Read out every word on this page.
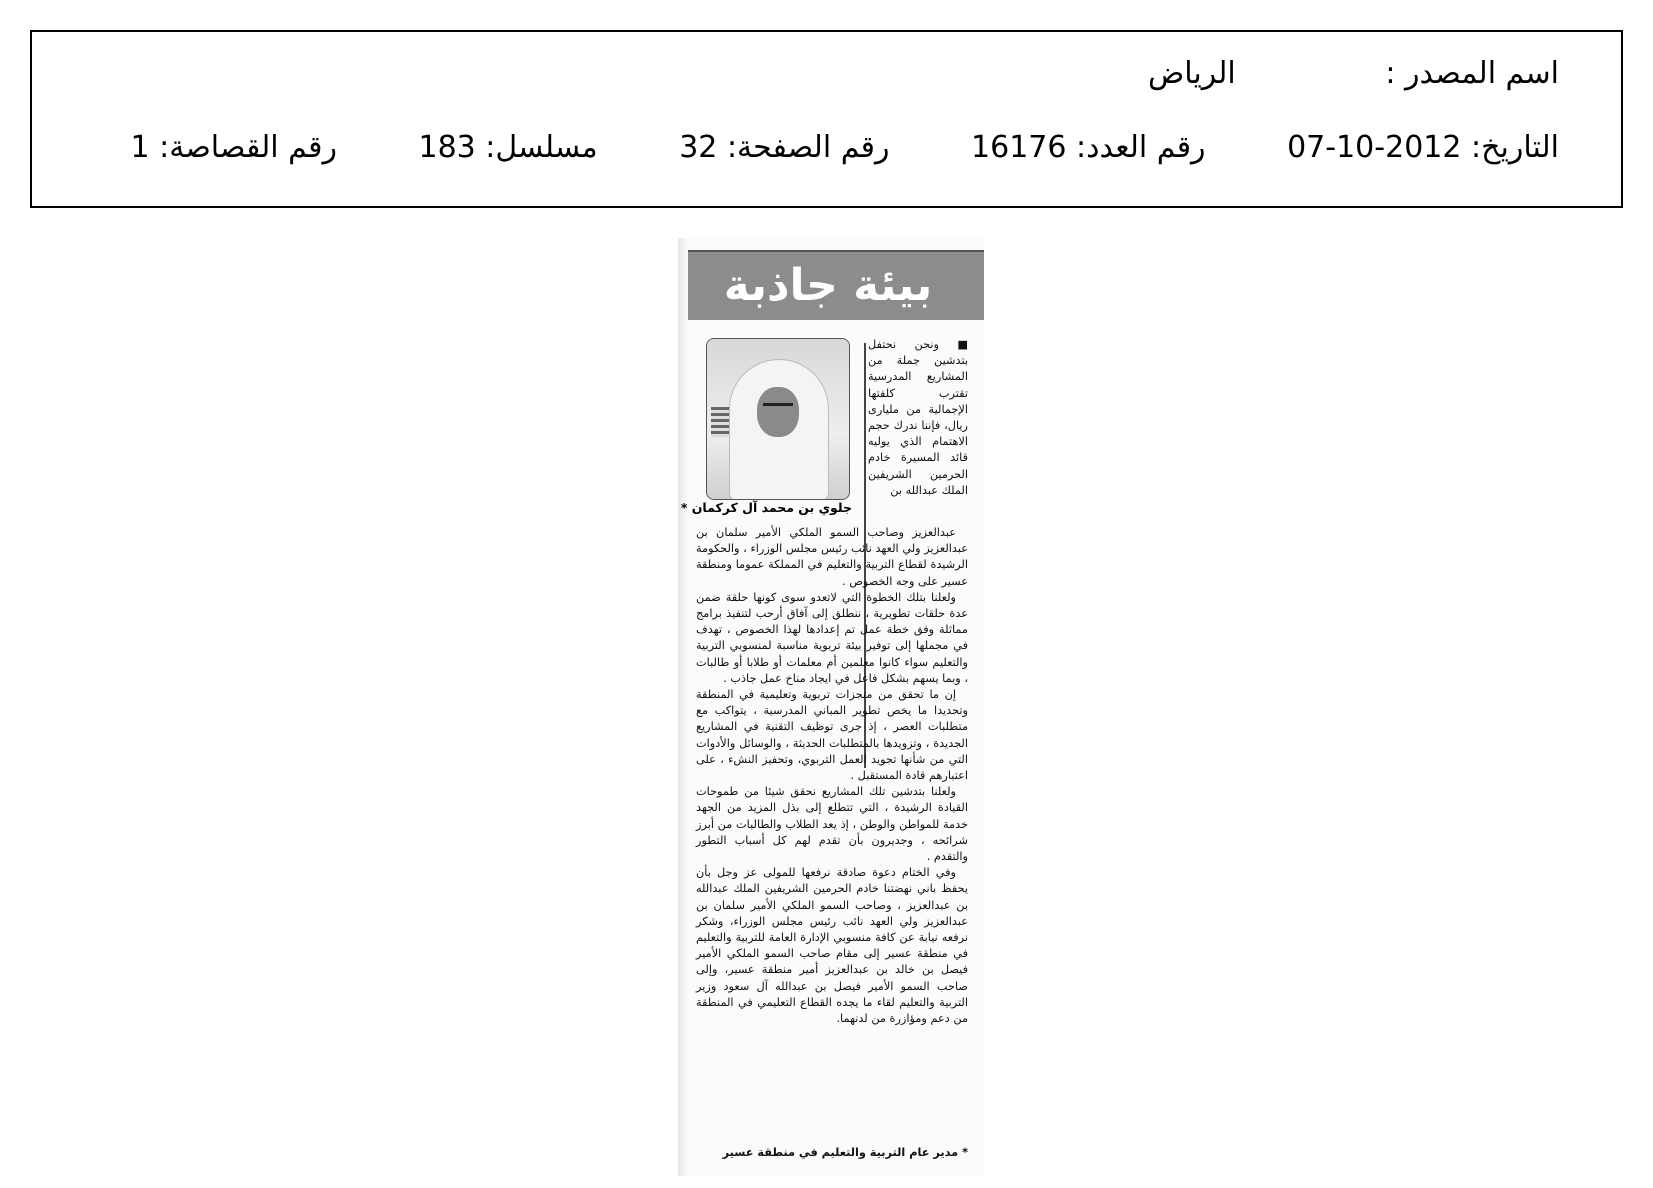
اسم المصدر : الرياض
التاريخ: 2012-10-07 رقم العدد: 16176 رقم الصفحة: 32 مسلسل: 183 رقم القصاصة: 1
بيئة جاذبة
جلوي بن محمد آل كركمان *
■ ونحن نحتفل بتدشين جملة من المشاريع المدرسية تقترب كلفتها الإجمالية من مليارى ريال، فإننا ندرك حجم الاهتمام الذي يوليه قائد المسيرة خادم الحرمين الشريفين الملك عبدالله بن

عبدالعزيز وصاحب السمو الملكي الأمير سلمان بن عبدالعزيز ولي العهد نائب رئيس مجلس الوزراء ، والحكومة الرشيدة لقطاع التربية والتعليم في المملكة عموما ومنطقة عسير على وجه الخصوص .

ولعلنا بتلك الخطوة التي لاتعدو سوى كونها حلقة ضمن عدة حلقات تطويرية ، ننطلق إلى آفاق أرحب لتنفيذ برامج مماثلة وفق خطة عمل تم إعدادها لهذا الخصوص ، تهدف في مجملها إلى توفير بيئة تربوية مناسبة لمنسوبي التربية والتعليم سواء كانوا معلمين أم معلمات أو طلابا أو طالبات ، وبما يسهم بشكل فاعل في ايجاد مناخ عمل جاذب .

إن ما تحقق من منجزات تربوية وتعليمية في المنطقة وتحديدا ما يخص تطوير المباني المدرسية ، يتواكب مع متطلبات العصر ، إذ جرى توظيف التقنية في المشاريع الجديدة ، وتزويدها بالمتطلبات الحديثة ، والوسائل والأدوات التي من شأنها تجويد العمل التربوي، وتحفيز النشء ، على اعتبارهم قادة المستقبل .

ولعلنا بتدشين تلك المشاريع نحقق شيئا من طموحات القيادة الرشيدة ، التي تتطلع إلى بذل المزيد من الجهد خدمة للمواطن والوطن ، إذ يعد الطلاب والطالبات من أبرز شرائحه ، وجديرون بأن تقدم لهم كل أسباب التطور والتقدم .

وفي الختام دعوة صادقة نرفعها للمولى عز وجل بأن يحفظ باني نهضتنا خادم الحرمين الشريفين الملك عبدالله بن عبدالعزيز ، وصاحب السمو الملكي الأمير سلمان بن عبدالعزيز ولي العهد نائب رئيس مجلس الوزراء، وشكر نرفعه نيابة عن كافة منسوبي الإدارة العامة للتربية والتعليم في منطقة عسير إلى مقام صاحب السمو الملكي الأمير فيصل بن خالد بن عبدالعزيز أمير منطقة عسير، وإلى صاحب السمو الأمير فيصل بن عبدالله آل سعود وزير التربية والتعليم لقاء ما يجده القطاع التعليمي في المنطقة من دعم ومؤازرة من لدنهما.

* مدير عام التربية والتعليم في منطقة عسير
